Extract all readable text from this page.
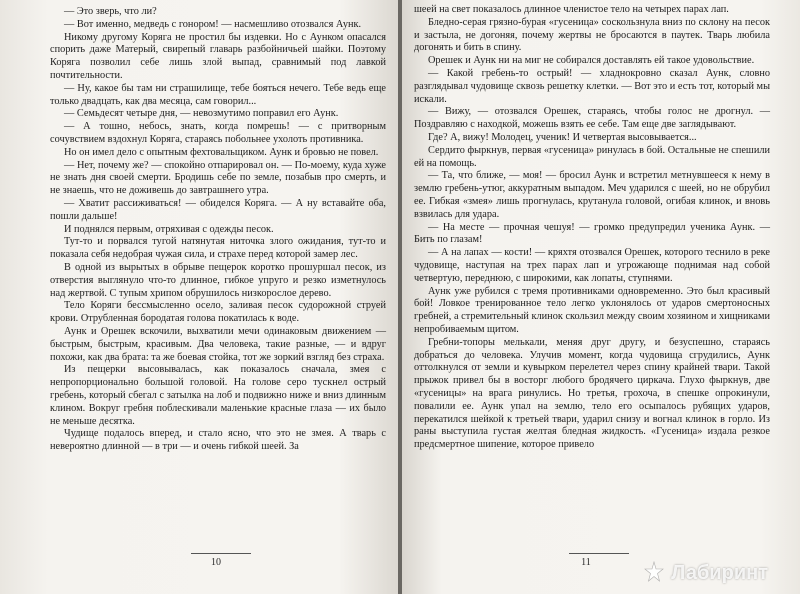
— Это зверь, что ли?

— Вот именно, медведь с гонором! — насмешливо отозвался Аунк.

Никому другому Коряга не простил бы издевки. Но с Аунком опасался спорить даже Матерый, свирепый главарь разбойничьей шайки. Поэтому Коряга позволил себе лишь злой выпад, сравнимый под лавкой почтительности.

— Ну, какое бы там ни страшилище, тебе бояться нечего. Тебе ведь еще только двадцать, как два месяца, сам говорил...

— Семьдесят четыре дня, — невозмутимо поправил его Аунк.

— А тошно, небось, знать, когда помрешь! — с притворным сочувствием вздохнул Коряга, стараясь побольнее ухолоть противника.

Но он имел дело с опытным фехтовальщиком. Аунк и бровью не повел.

— Нет, почему же? — спокойно отпарировал он. — По-моему, куда хуже не знать дня своей смерти. Бродишь себе по земле, позабыв про смерть, и не знаешь, что не доживешь до завтрашнего утра.

— Хватит рассиживаться! — обиделся Коряга. — А ну вставайте оба, пошли дальше!

И поднялся первым, отряхивая с одежды песок.

Тут-то и порвался тугой натянутая ниточка злого ожидания, тут-то и показала себя недобрая чужая сила, и страхе перед которой замер лес.

В одной из вырытых в обрыве пещерок коротко прошуршал песок, из отверстия выглянуло что-то длинное, гибкое упруго и резко изметнулось над жертвой. С тупым хрипом обрушилось низкорослое дерево.

Тело Коряги бессмысленно осело, заливая песок судорожной струей крови. Отрубленная бородатая голова покатилась к воде.

Аунк и Орешек вскочили, выхватили мечи одинаковым движением — быстрым, быстрым, красивым. Два человека, такие разные, — и вдруг похожи, как два брата: та же боевая стойка, тот же зоркий взгляд без страха.

Из пещерки высовывалась, как показалось сначала, змея с непропорционально большой головой. На голове серо тускнел острый гребень, который сбегал с затылка на лоб и подвижно ниже и вниз длинным клином. Вокруг гребня поблескивали маленькие красные глаза — их было не меньше десятка.

Чудище подалось вперед, и стало ясно, что это не змея. А тварь с невероятно длинной — в три — и очень гибкой шеей. За

10

шеей на свет показалось длинное членистое тело на четырех парах лап.

Бледно-серая грязно-бурая «гусеница» соскользнула вниз по склону на песок и застыла, не догоняя, почему жертвы не бросаются в паутек. Тварь любила догонять и бить в спину.

Орешек и Аунк ни на миг не собирался доставлять ей такое удовольствие.

— Какой гребень-то острый! — хладнокровно сказал Аунк, словно разглядывал чудовище сквозь решетку клетки. — Вот это и есть тот, который мы искали.

— Вижу, — отозвался Орешек, стараясь, чтобы голос не дрогнул. — Поздравляю с находкой, можешь взять ее себе. Там еще две заглядывают.

Где? А, вижу! Молодец, ученик! И четвертая высовывается...

Сердито фыркнув, первая «гусеница» ринулась в бой. Остальные не спешили ей на помощь.

— Та, что ближе, — моя! — бросил Аунк и встретил метнувшееся к нему в землю гребень-утюг, аккуратным выпадом. Меч ударился с шеей, но не обрубил ее. Гибкая «змея» лишь прогнулась, крутанула головой, огибая клинок, и вновь взвилась для удара.

— На месте — прочная чешуя! — громко предупредил ученика Аунк. — Бить по глазам!

— А на лапах — кости! — кряхтя отозвался Орешек, которого теснило в реке чудовище, наступая на трех парах лап и угрожающе поднимая над собой четвертую, переднюю, с широкими, как лопаты, ступнями.

Аунк уже рубился с тремя противниками одновременно. Это был красивый бой! Ловкое тренированное тело легко уклонялось от ударов смертоносных гребней, а стремительный клинок скользил между своим хозяином и хищниками непробиваемым щитом.

Гребни-топоры мелькали, меняя друг другу, и безуспешно, стараясь добраться до человека. Улучив момент, когда чудовища сгрудились, Аунк оттолкнулся от земли и кувырком перелетел через спину крайней твари. Такой прыжок привел бы в восторг любого бродячего циркача. Глухо фыркнув, две «гусеницы» на врага ринулись. Но третья, грохоча, в спешке опрокинули, повалили ее. Аунк упал на землю, тело его осыпалось рубящих ударов, перекатился шейкой к третьей твари, ударил снизу и вогнал клинок в горло. Из раны выступила густая желтая бледная жидкость. «Гусеница» издала резкое предсмертное шипение, которое привело

11	Лабиринт
